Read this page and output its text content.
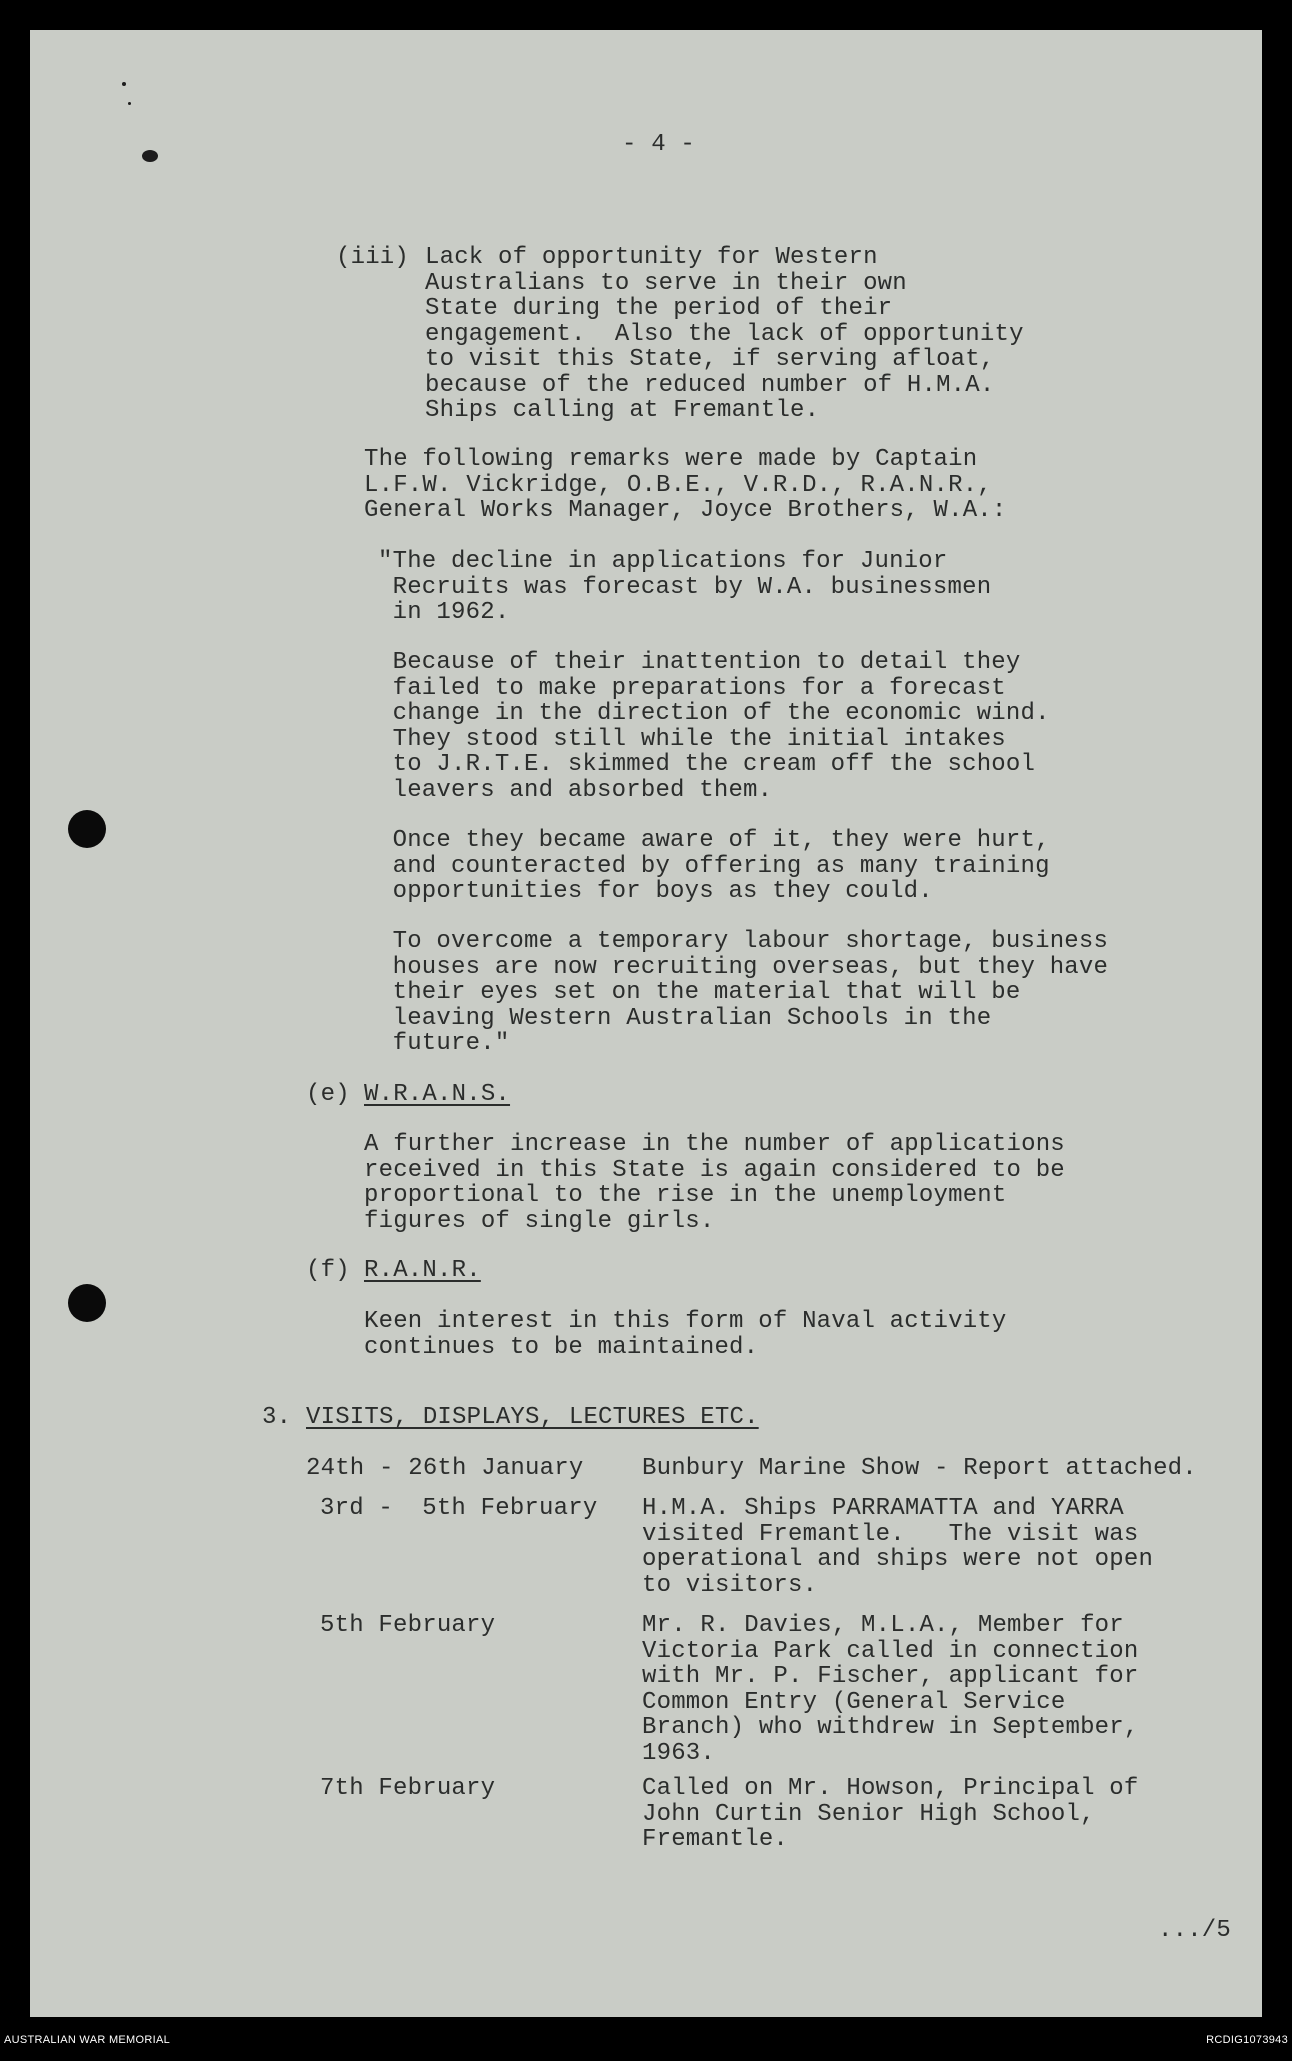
- 4 -
(iii) Lack of opportunity for Western
Australians to serve in their own
State during the period of their
engagement.  Also the lack of opportunity
to visit this State, if serving afloat,
because of the reduced number of H.M.A.
Ships calling at Fremantle.
The following remarks were made by Captain
L.F.W. Vickridge, O.B.E., V.R.D., R.A.N.R.,
General Works Manager, Joyce Brothers, W.A.:
"The decline in applications for Junior
Recruits was forecast by W.A. businessmen
in 1962.
Because of their inattention to detail they
failed to make preparations for a forecast
change in the direction of the economic wind.
They stood still while the initial intakes
to J.R.T.E. skimmed the cream off the school
leavers and absorbed them.
Once they became aware of it, they were hurt,
and counteracted by offering as many training
opportunities for boys as they could.
To overcome a temporary labour shortage, business
houses are now recruiting overseas, but they have
their eyes set on the material that will be
leaving Western Australian Schools in the
future."
(e) W.R.A.N.S.
A further increase in the number of applications
received in this State is again considered to be
proportional to the rise in the unemployment
figures of single girls.
(f) R.A.N.R.
Keen interest in this form of Naval activity
continues to be maintained.
3. VISITS, DISPLAYS, LECTURES ETC.
24th - 26th January Bunbury Marine Show - Report attached.
3rd -  5th February H.M.A. Ships PARRAMATTA and YARRA
visited Fremantle.   The visit was
operational and ships were not open
to visitors.
5th February	Mr. R. Davies, M.L.A., Member for
Victoria Park called in connection
with Mr. P. Fischer, applicant for
Common Entry (General Service
Branch) who withdrew in September,
1963.
7th February	Called on Mr. Howson, Principal of
John Curtin Senior High School,
Fremantle.
.../5
AUSTRALIAN WAR MEMORIAL	RCDIG1073943
